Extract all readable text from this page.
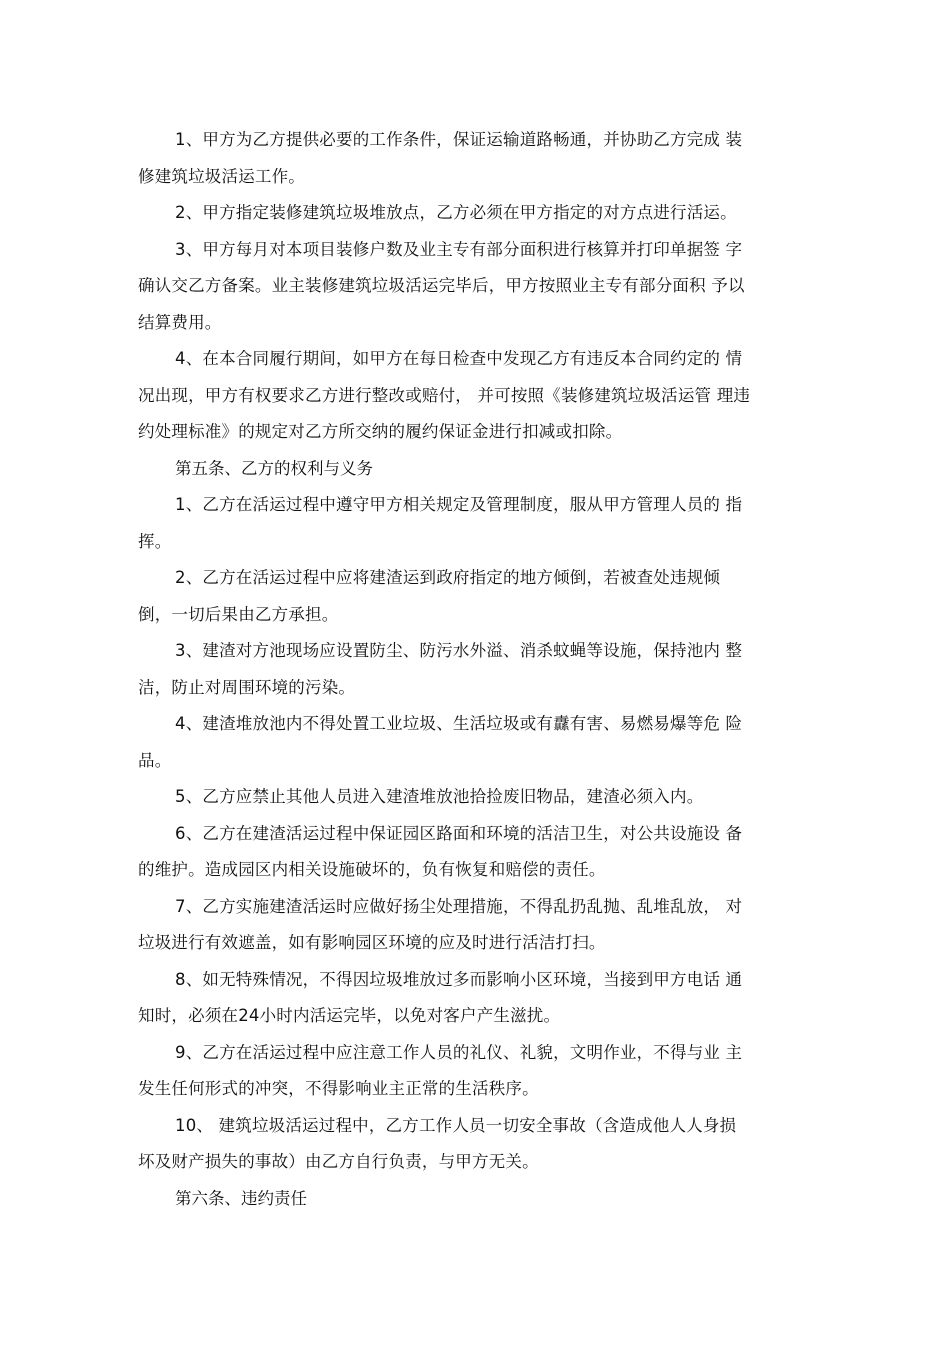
1、甲方为乙方提供必要的工作条件，保证运输道路畅通，并协助乙方完成 装
修建筑垃圾活运工作。
2、甲方指定装修建筑垃圾堆放点，乙方必须在甲方指定的对方点进行活运。
3、甲方每月对本项目装修户数及业主专有部分面积进行核算并打印单据签 字
确认交乙方备案。业主装修建筑垃圾活运完毕后，甲方按照业主专有部分面积 予以
结算费用。
4、在本合同履行期间，如甲方在每日检查中发现乙方有违反本合同约定的 情
况出现，甲方有权要求乙方进行整改或赔付， 并可按照《装修建筑垃圾活运管 理违
约处理标准》的规定对乙方所交纳的履约保证金进行扣减或扣除。
第五条、乙方的权利与义务
1、乙方在活运过程中遵守甲方相关规定及管理制度，服从甲方管理人员的 指
挥。
2、乙方在活运过程中应将建渣运到政府指定的地方倾倒，若被查处违规倾
倒，一切后果由乙方承担。
3、建渣对方池现场应设置防尘、防污水外溢、消杀蚊蝇等设施，保持池内 整
洁，防止对周围环境的污染。
4、建渣堆放池内不得处置工业垃圾、生活垃圾或有纛有害、易燃易爆等危 险
品。
5、乙方应禁止其他人员进入建渣堆放池拾捡废旧物品，建渣必须入内。
6、乙方在建渣活运过程中保证园区路面和环境的活洁卫生，对公共设施设 备
的维护。造成园区内相关设施破坏的，负有恢复和赔偿的责任。
7、乙方实施建渣活运时应做好扬尘处理措施，不得乱扔乱抛、乱堆乱放， 对
垃圾进行有效遮盖，如有影响园区环境的应及时进行活洁打扫。
8、如无特殊情况，不得因垃圾堆放过多而影响小区环境，当接到甲方电话 通
知时，必须在24小时内活运完毕，以免对客户产生滋扰。
9、乙方在活运过程中应注意工作人员的礼仪、礼貌，文明作业，不得与业 主
发生任何形式的冲突，不得影响业主正常的生活秩序。
10、 建筑垃圾活运过程中，乙方工作人员一切安全事故（含造成他人人身损
坏及财产损失的事故）由乙方自行负责，与甲方无关。
第六条、违约责任
